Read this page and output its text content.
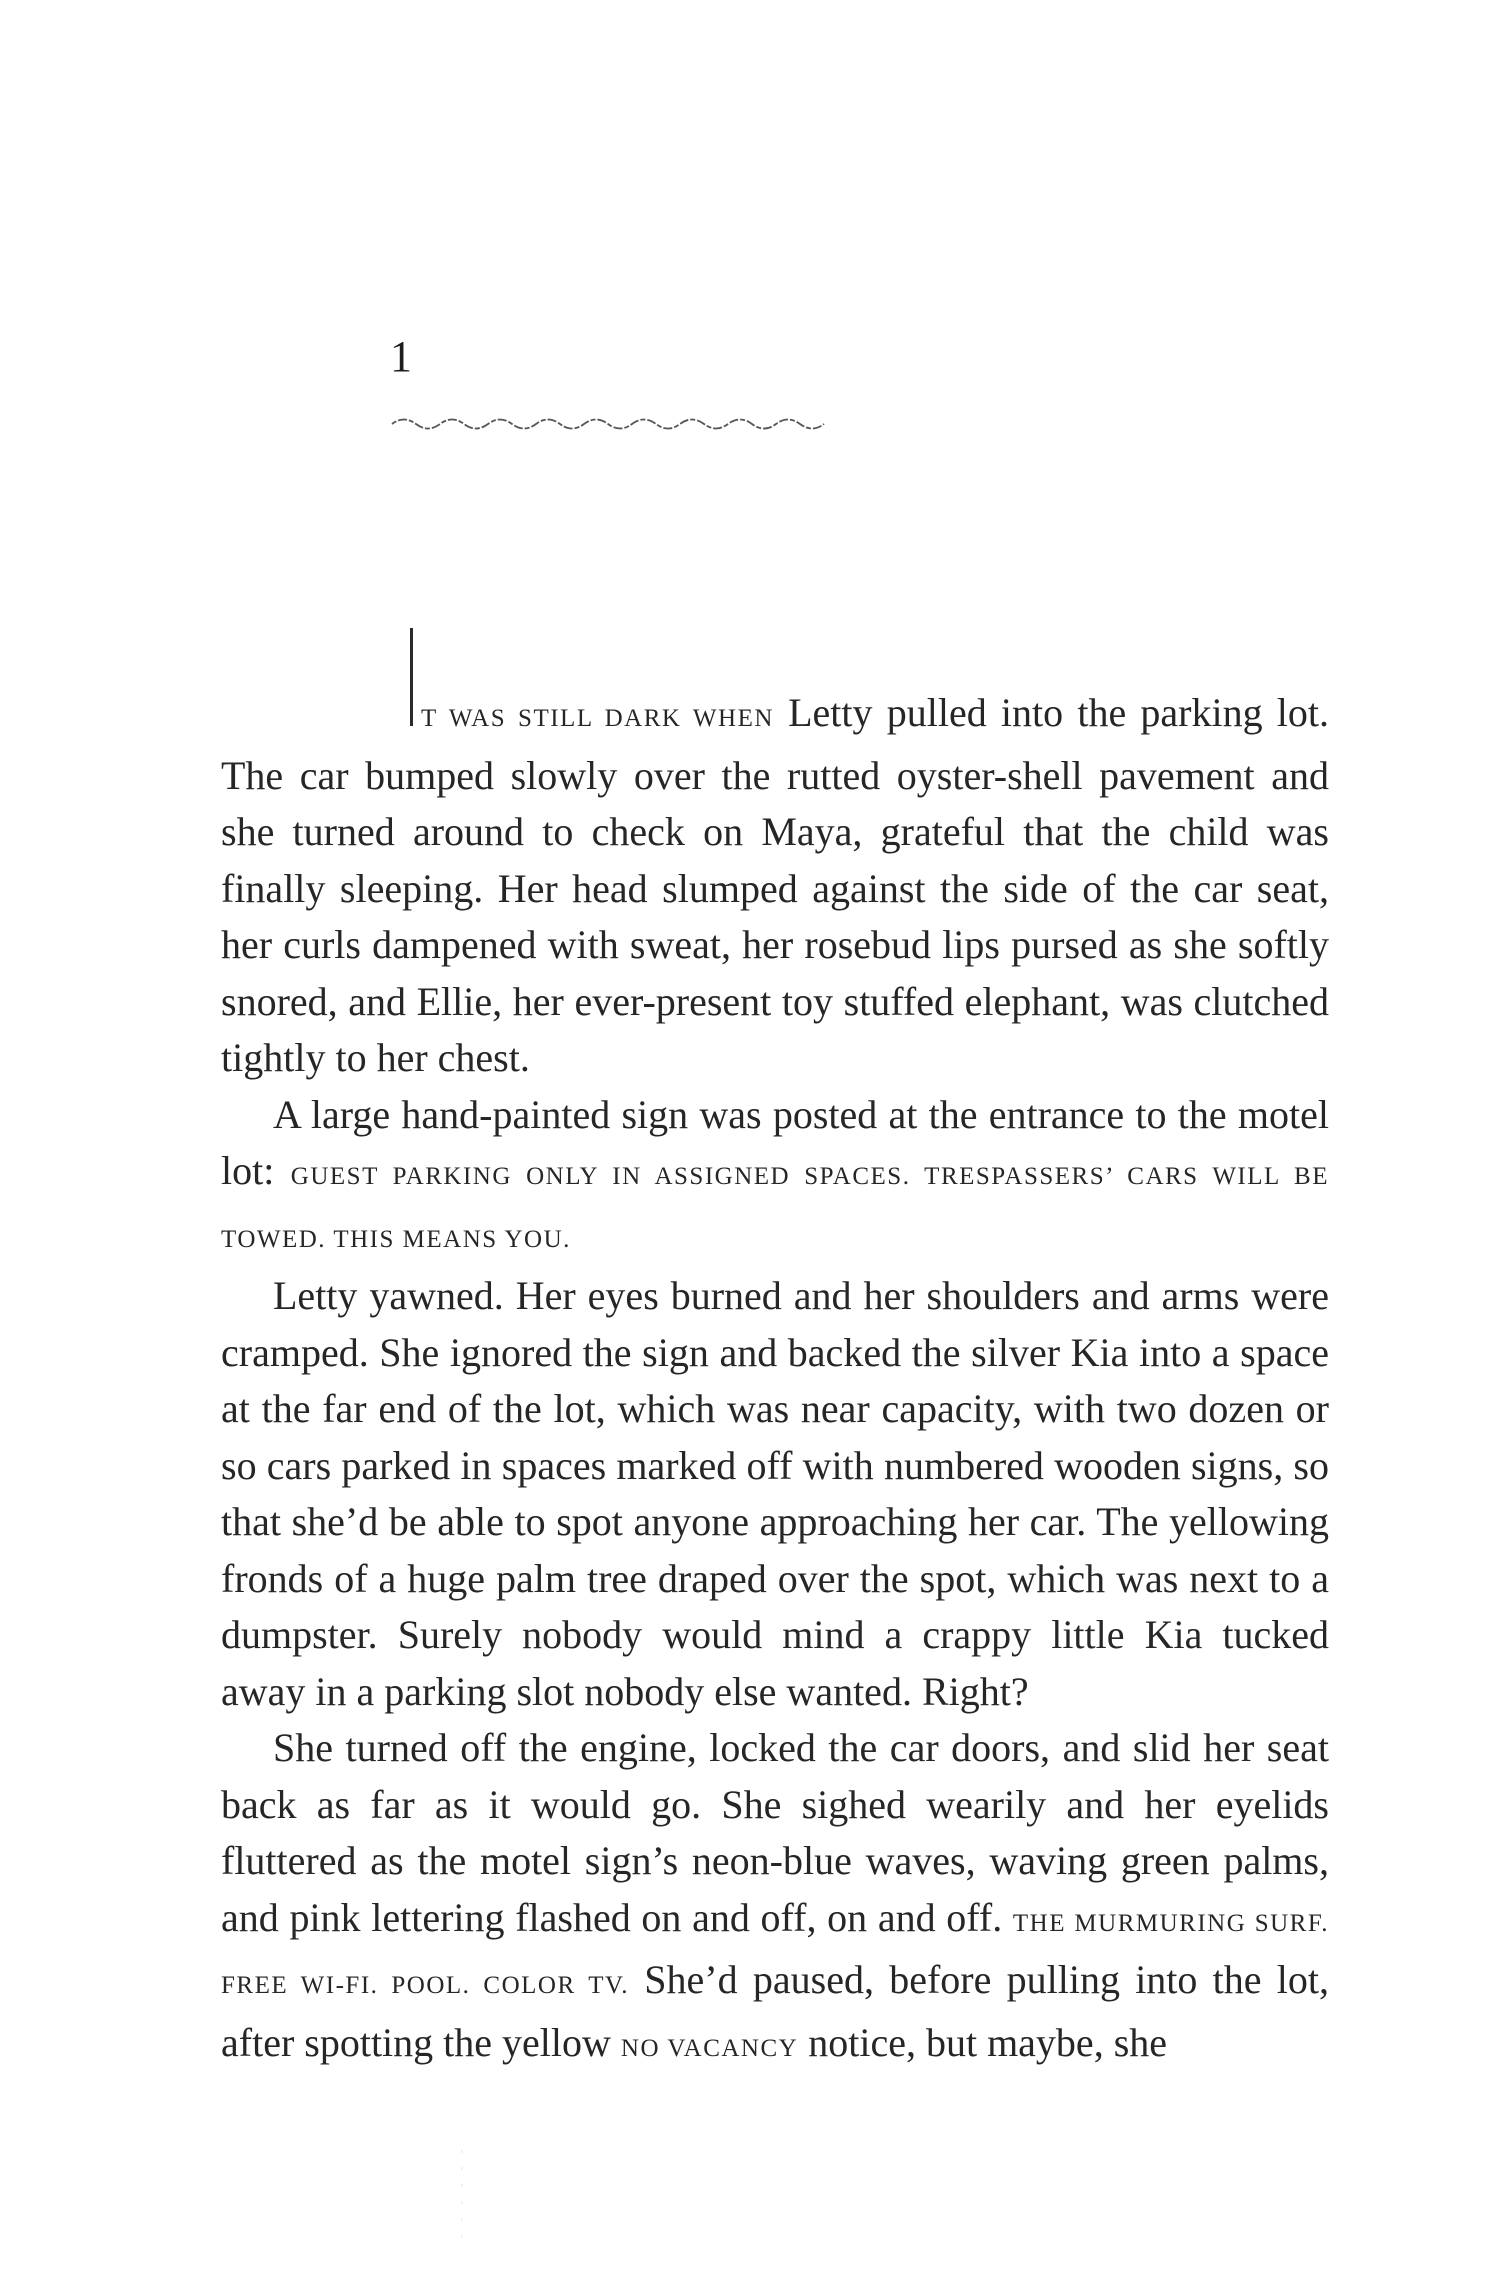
1

T WAS STILL DARK WHEN Letty pulled into the parking lot. The car bumped slowly over the rutted oyster-shell pavement and she turned around to check on Maya, grateful that the child was finally sleeping. Her head slumped against the side of the car seat, her curls dampened with sweat, her rosebud lips pursed as she softly snored, and Ellie, her ever-present toy stuffed elephant, was clutched tightly to her chest.

A large hand-painted sign was posted at the entrance to the motel lot: GUEST PARKING ONLY IN ASSIGNED SPACES. TRESPASSERS’ CARS WILL BE TOWED. THIS MEANS YOU.

Letty yawned. Her eyes burned and her shoulders and arms were cramped. She ignored the sign and backed the silver Kia into a space at the far end of the lot, which was near capacity, with two dozen or so cars parked in spaces marked off with numbered wooden signs, so that she’d be able to spot anyone approaching her car. The yellowing fronds of a huge palm tree draped over the spot, which was next to a dumpster. Surely nobody would mind a crappy little Kia tucked away in a parking slot nobody else wanted. Right?

She turned off the engine, locked the car doors, and slid her seat back as far as it would go. She sighed wearily and her eyelids fluttered as the motel sign’s neon-blue waves, waving green palms, and pink lettering flashed on and off, on and off. THE MURMURING SURF. FREE WI-FI. POOL. COLOR TV. She’d paused, before pulling into the lot, after spotting the yellow NO VACANCY notice, but maybe, she
